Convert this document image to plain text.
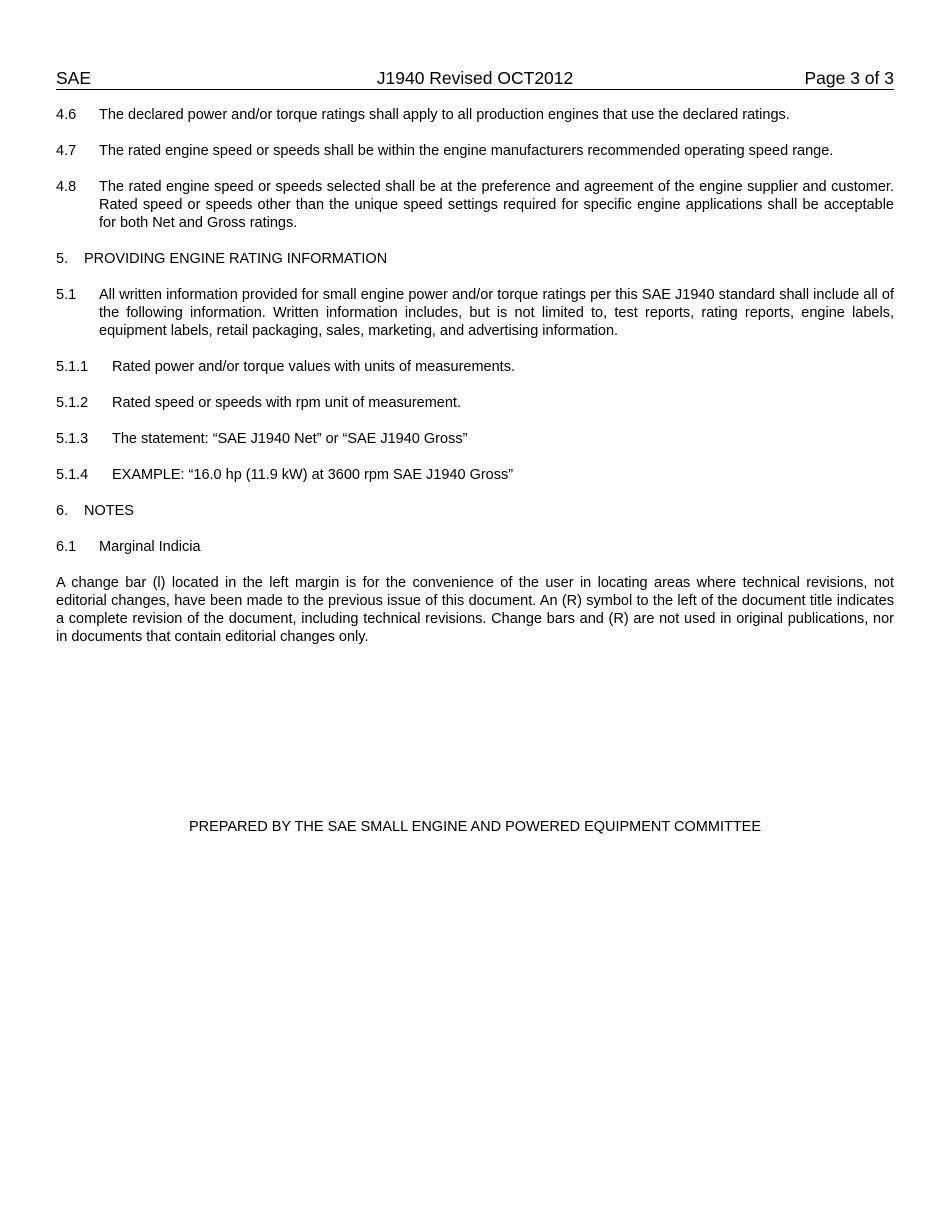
SAE	J1940 Revised OCT2012	Page 3 of 3
4.6 The declared power and/or torque ratings shall apply to all production engines that use the declared ratings.
4.7 The rated engine speed or speeds shall be within the engine manufacturers recommended operating speed range.
4.8 The rated engine speed or speeds selected shall be at the preference and agreement of the engine supplier and customer. Rated speed or speeds other than the unique speed settings required for specific engine applications shall be acceptable for both Net and Gross ratings.
5. PROVIDING ENGINE RATING INFORMATION
5.1 All written information provided for small engine power and/or torque ratings per this SAE J1940 standard shall include all of the following information. Written information includes, but is not limited to, test reports, rating reports, engine labels, equipment labels, retail packaging, sales, marketing, and advertising information.
5.1.1 Rated power and/or torque values with units of measurements.
5.1.2 Rated speed or speeds with rpm unit of measurement.
5.1.3 The statement: “SAE J1940 Net” or “SAE J1940 Gross”
5.1.4 EXAMPLE: “16.0 hp (11.9 kW) at 3600 rpm SAE J1940 Gross”
6. NOTES
6.1 Marginal Indicia
A change bar (l) located in the left margin is for the convenience of the user in locating areas where technical revisions, not editorial changes, have been made to the previous issue of this document. An (R) symbol to the left of the document title indicates a complete revision of the document, including technical revisions. Change bars and (R) are not used in original publications, nor in documents that contain editorial changes only.
PREPARED BY THE SAE SMALL ENGINE AND POWERED EQUIPMENT COMMITTEE
